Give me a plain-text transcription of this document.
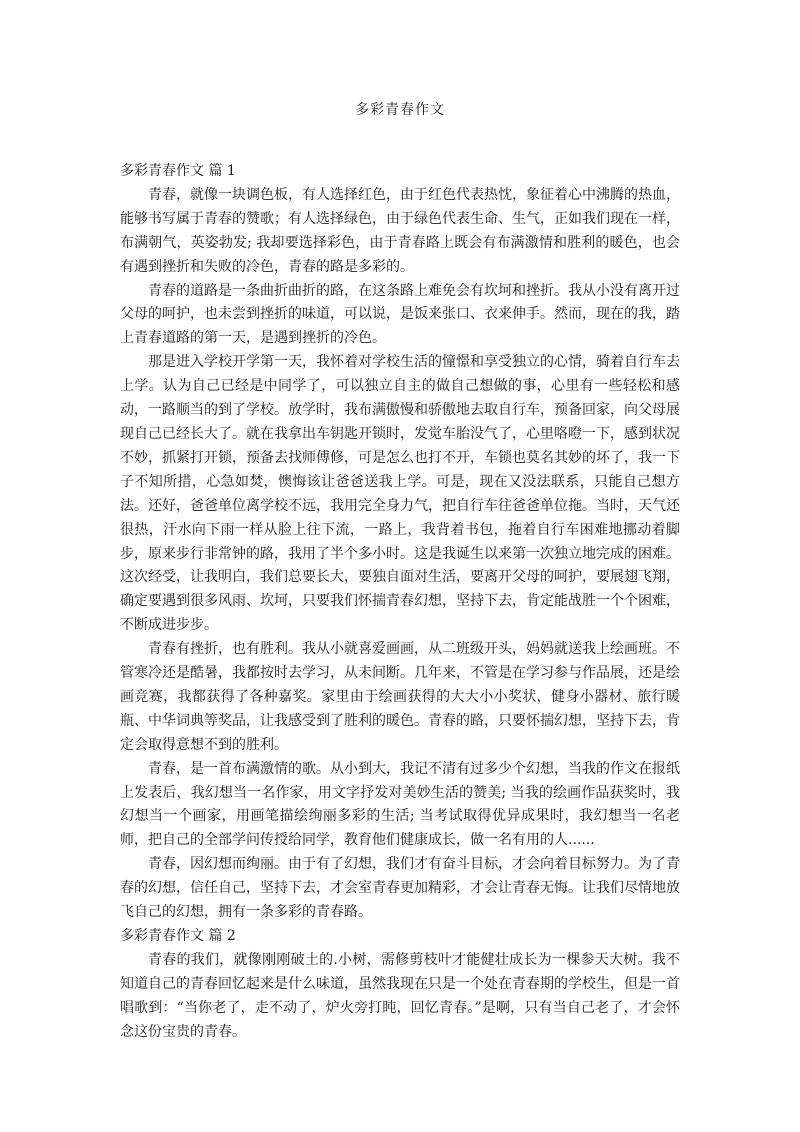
多彩青春作文
多彩青春作文 篇 1

青春，就像一块调色板，有人选择红色，由于红色代表热忱，象征着心中沸腾的热血，能够书写属于青春的赞歌；有人选择绿色，由于绿色代表生命、生气，正如我们现在一样，布满朝气，英姿勃发; 我却要选择彩色，由于青春路上既会有布满激情和胜利的暖色，也会有遇到挫折和失败的冷色，青春的路是多彩的。

青春的道路是一条曲折曲折的路，在这条路上难免会有坎坷和挫折。我从小没有离开过父母的呵护，也未尝到挫折的味道，可以说，是饭来张口、衣来伸手。然而，现在的我，踏上青春道路的第一天，是遇到挫折的冷色。

那是进入学校开学第一天，我怀着对学校生活的憧憬和享受独立的心情，骑着自行车去上学。认为自己已经是中同学了，可以独立自主的做自己想做的事，心里有一些轻松和感动，一路顺当的到了学校。放学时，我布满傲慢和骄傲地去取自行车，预备回家，向父母展现自己已经长大了。就在我拿出车钥匙开锁时，发觉车胎没气了，心里咯噔一下，感到状况不妙，抓紧打开锁，预备去找师傅修，可是怎么也打不开，车锁也莫名其妙的坏了，我一下子不知所措，心急如焚，懊悔该让爸爸送我上学。可是，现在又没法联系，只能自己想方法。还好，爸爸单位离学校不远，我用完全身力气，把自行车往爸爸单位拖。当时，天气还很热，汗水向下雨一样从脸上往下流，一路上，我背着书包，拖着自行车困难地挪动着脚步，原来步行非常钟的路，我用了半个多小时。这是我诞生以来第一次独立地完成的困难。这次经受，让我明白，我们总要长大，要独自面对生活，要离开父母的呵护，要展翅飞翔，确定要遇到很多风雨、坎坷，只要我们怀揣青春幻想，坚持下去，肯定能战胜一个个困难，不断成进步步。

青春有挫折，也有胜利。我从小就喜爱画画，从二班级开头，妈妈就送我上绘画班。不管寒冷还是酷暑，我都按时去学习，从未间断。几年来，不管是在学习参与作品展，还是绘画竞赛，我都获得了各种嘉奖。家里由于绘画获得的大大小小奖状，健身小器材、旅行暖瓶、中华词典等奖品，让我感受到了胜利的暖色。青春的路，只要怀揣幻想，坚持下去，肯定会取得意想不到的胜利。

青春，是一首布满激情的歌。从小到大，我记不清有过多少个幻想，当我的作文在报纸上发表后，我幻想当一名作家，用文字抒发对美妙生活的赞美; 当我的绘画作品获奖时，我幻想当一个画家，用画笔描绘绚丽多彩的生活; 当考试取得优异成果时，我幻想当一名老师，把自己的全部学问传授给同学，教育他们健康成长，做一名有用的人......

青春，因幻想而绚丽。由于有了幻想，我们才有奋斗目标，才会向着目标努力。为了青春的幻想，信任自己，坚持下去，才会室青春更加精彩，才会让青春无悔。让我们尽情地放飞自己的幻想，拥有一条多彩的青春路。

多彩青春作文 篇 2

青春的我们，就像刚刚破土的.小树，需修剪枝叶才能健壮成长为一棵参天大树。我不知道自己的青春回忆起来是什么味道，虽然我现在只是一个处在青春期的学校生，但是一首唱歌到：“当你老了，走不动了，炉火旁打盹，回忆青春。”是啊，只有当自己老了，才会怀念这份宝贵的青春。
